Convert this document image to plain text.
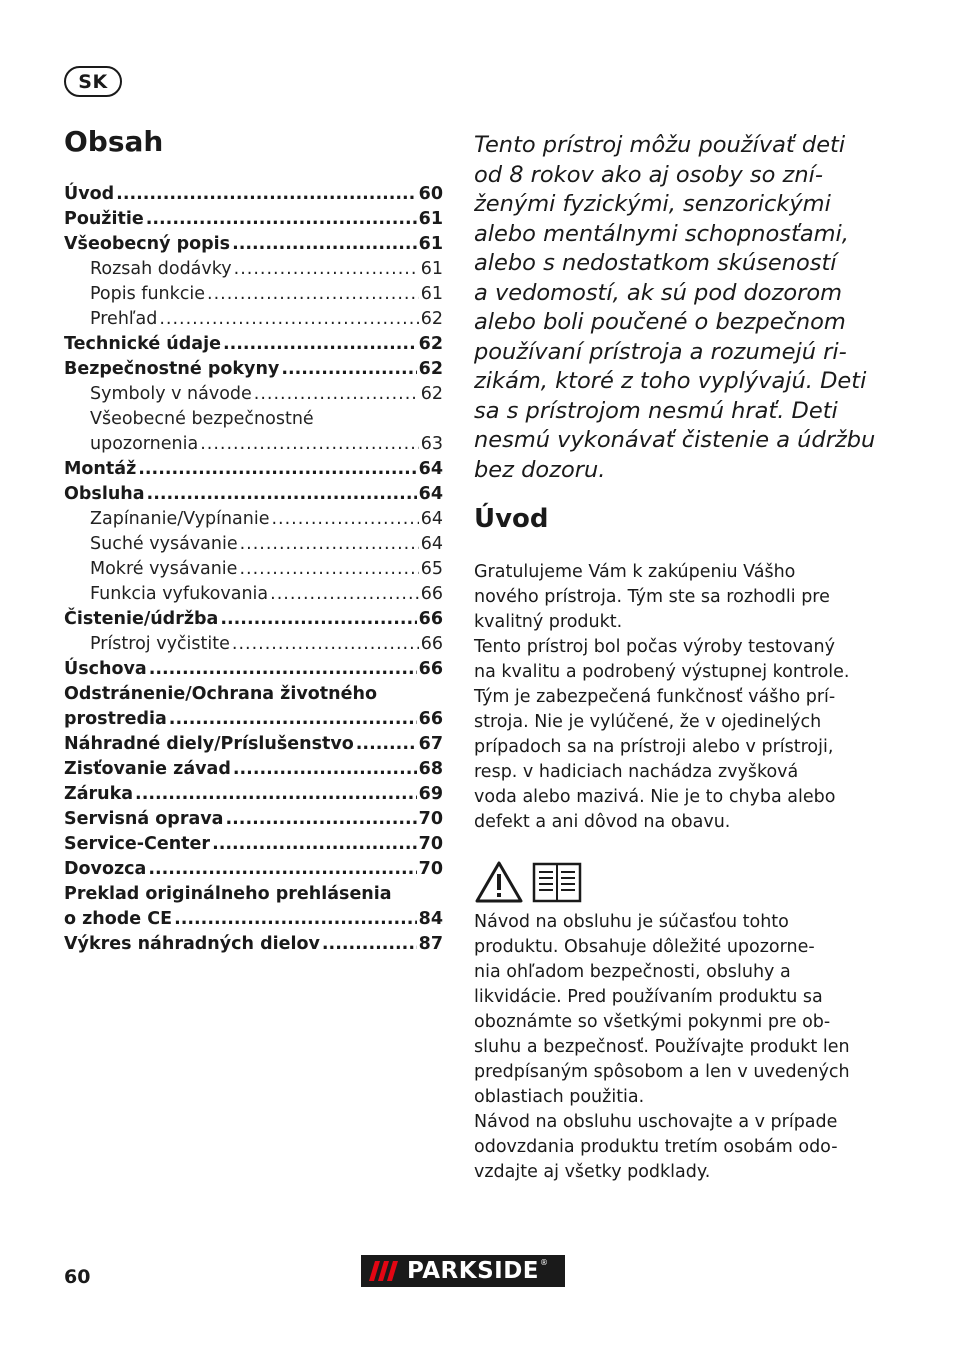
SK
Obsah
Úvod .....	60
Použitie .....	61
Všeobecný popis .....	61
Rozsah dodávky .....	61
Popis funkcie .....	61
Prehľad .....	62
Technické údaje .....	62
Bezpečnostné pokyny .....	62
Symboly v návode .....	62
Všeobecné bezpečnostné
upozornenia .....	63
Montáž .....	64
Obsluha .....	64
Zapínanie/Vypínanie .....	64
Suché vysávanie .....	64
Mokré vysávanie .....	65
Funkcia vyfukovania .....	66
Čistenie/údržba .....	66
Prístroj vyčistite .....	66
Úschova .....	66
Odstránenie/Ochrana životného
prostredia .....	66
Náhradné diely/Príslušenstvo .....	67
Zisťovanie závad .....	68
Záruka .....	69
Servisná oprava .....	70
Service-Center .....	70
Dovozca .....	70
Preklad originálneho prehlásenia
o zhode CE .....	84
Výkres náhradných dielov .....	87
Tento prístroj môžu používať deti
od 8 rokov ako aj osoby so zní-
ženými fyzickými, senzorickými
alebo mentálnymi schopnosťami,
alebo s nedostatkom skúseností
a vedomostí, ak sú pod dozorom
alebo boli poučené o bezpečnom
používaní prístroja a rozumejú ri-
zikám, ktoré z toho vyplývajú. Deti
sa s prístrojom nesmú hrať. Deti
nesmú vykonávať čistenie a údržbu
bez dozoru.
Úvod
Gratulujeme Vám k zakúpeniu Vášho
nového prístroja. Tým ste sa rozhodli pre
kvalitný produkt.
Tento prístroj bol počas výroby testovaný
na kvalitu a podrobený výstupnej kontrole.
Tým je zabezpečená funkčnosť vášho prí-
stroja. Nie je vylúčené, že v ojedinelých
prípadoch sa na prístroji alebo v prístroji,
resp. v hadiciach nachádza zvyšková
voda alebo mazivá. Nie je to chyba alebo
defekt a ani dôvod na obavu.
Návod na obsluhu je súčasťou tohto
produktu. Obsahuje dôležité upozorne-
nia ohľadom bezpečnosti, obsluhy a
likvidácie. Pred používaním produktu sa
oboznámte so všetkými pokynmi pre ob-
sluhu a bezpečnosť. Používajte produkt len
predpísaným spôsobom a len v uvedených
oblastiach použitia.
Návod na obsluhu uschovajte a v prípade
odovzdania produktu tretím osobám odo-
vzdajte aj všetky podklady.
60	PARKSIDE ®
